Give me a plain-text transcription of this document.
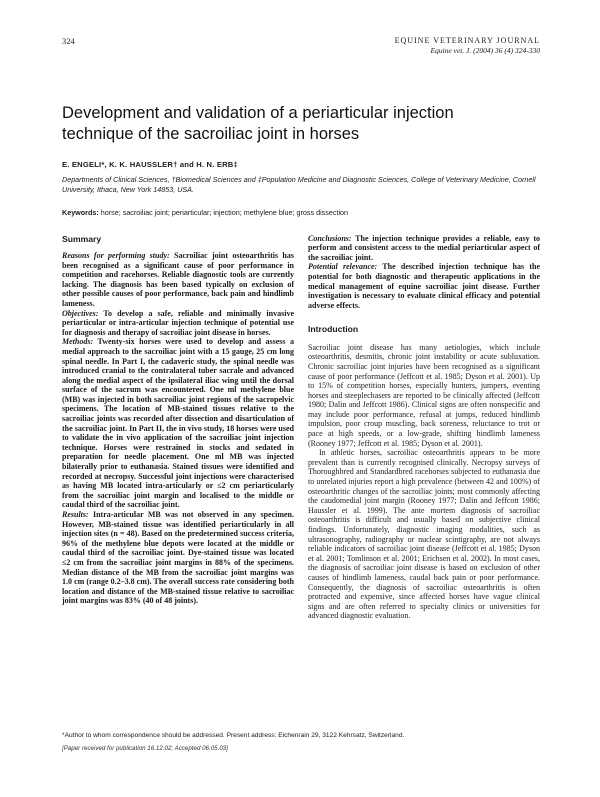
324	EQUINE VETERINARY JOURNAL
Equine vet. J. (2004) 36 (4) 324-330
Development and validation of a periarticular injection technique of the sacroiliac joint in horses
E. ENGELI*, K. K. HAUSSLER† and H. N. ERB‡
Departments of Clinical Sciences, †Biomedical Sciences and ‡Population Medicine and Diagnostic Sciences, College of Veterinary Medicine, Cornell University, Ithaca, New York 14853, USA.
Keywords: horse; sacroiliac joint; periarticular; injection; methylene blue; gross dissection
Summary

Reasons for performing study: Sacroiliac joint osteoarthritis has been recognised as a significant cause of poor performance in competition and racehorses. Reliable diagnostic tools are currently lacking. The diagnosis has been based typically on exclusion of other possible causes of poor performance, back pain and hindlimb lameness.

Objectives: To develop a safe, reliable and minimally invasive periarticular or intra-articular injection technique of potential use for diagnosis and therapy of sacroiliac joint disease in horses.

Methods: Twenty-six horses were used to develop and assess a medial approach to the sacroiliac joint with a 15 gauge, 25 cm long spinal needle. In Part I, the cadaveric study, the spinal needle was introduced cranial to the contralateral tuber sacrale and advanced along the medial aspect of the ipsilateral iliac wing until the dorsal surface of the sacrum was encountered. One ml methylene blue (MB) was injected in both sacroiliac joint regions of the sacropelvic specimens. The location of MB-stained tissues relative to the sacroiliac joints was recorded after dissection and disarticulation of the sacroiliac joint. In Part II, the in vivo study, 18 horses were used to validate the in vivo application of the sacroiliac joint injection technique. Horses were restrained in stocks and sedated in preparation for needle placement. One ml MB was injected bilaterally prior to euthanasia. Stained tissues were identified and recorded at necropsy. Successful joint injections were characterised as having MB located intra-articularly or ≤2 cm periarticularly from the sacroiliac joint margin and localised to the middle or caudal third of the sacroiliac joint.

Results: Intra-articular MB was not observed in any specimen. However, MB-stained tissue was identified periarticularly in all injection sites (n = 48). Based on the predetermined success criteria, 96% of the methylene blue depots were located at the middle or caudal third of the sacroiliac joint. Dye-stained tissue was located ≤2 cm from the sacroiliac joint margins in 88% of the specimens. Median distance of the MB from the sacroiliac joint margins was 1.0 cm (range 0.2–3.8 cm). The overall success rate considering both location and distance of the MB-stained tissue relative to sacroiliac joint margins was 83% (40 of 48 joints).

Conclusions: The injection technique provides a reliable, easy to perform and consistent access to the medial periarticular aspect of the sacroiliac joint.

Potential relevance: The described injection technique has the potential for both diagnostic and therapeutic applications in the medical management of equine sacroiliac joint disease. Further investigation is necessary to evaluate clinical efficacy and potential adverse effects.

Introduction

Sacroiliac joint disease has many aetiologies, which include osteoarthritis, desmitis, chronic joint instability or acute subluxation. Chronic sacroiliac joint injuries have been recognised as a significant cause of poor performance (Jeffcott et al. 1985; Dyson et al. 2001). Up to 15% of competition horses, especially hunters, jumpers, eventing horses and steeplechasers are reported to be clinically affected (Jeffcott 1980; Dalin and Jeffcott 1986). Clinical signs are often nonspecific and may include poor performance, refusal at jumps, reduced hindlimb impulsion, poor croup muscling, back soreness, reluctance to trot or pace at high speeds, or a low-grade, shifting hindlimb lameness (Rooney 1977; Jeffcott et al. 1985; Dyson et al. 2001).

In athletic horses, sacroiliac osteoarthritis appears to be more prevalent than is currently recognised clinically. Necropsy surveys of Thoroughbred and Standardbred racehorses subjected to euthanasia due to unrelated injuries report a high prevalence (between 42 and 100%) of osteoarthritic changes of the sacroiliac joints; most commonly affecting the caudomedial joint margin (Rooney 1977; Dalin and Jeffcott 1986; Haussler et al. 1999). The ante mortem diagnosis of sacroiliac osteoarthritis is difficult and usually based on subjective clinical findings. Unfortunately, diagnostic imaging modalities, such as ultrasonography, radiography or nuclear scintigraphy, are not always reliable indicators of sacroiliac joint disease (Jeffcott et al. 1985; Dyson et al. 2001; Tomlinson et al. 2001; Erichsen et al. 2002). In most cases, the diagnosis of sacroiliac joint disease is based on exclusion of other causes of hindlimb lameness, caudal back pain or poor performance. Consequently, the diagnosis of sacroiliac osteoarthritis is often protracted and expensive, since affected horses have vague clinical signs and are often referred to specialty clinics or universities for advanced diagnostic evaluation.

*Author to whom correspondence should be addressed. Present address: Eichenrain 29, 3122 Kehrsatz, Switzerland.
[Paper received for publication 16.12.02; Accepted 06.05.03]
